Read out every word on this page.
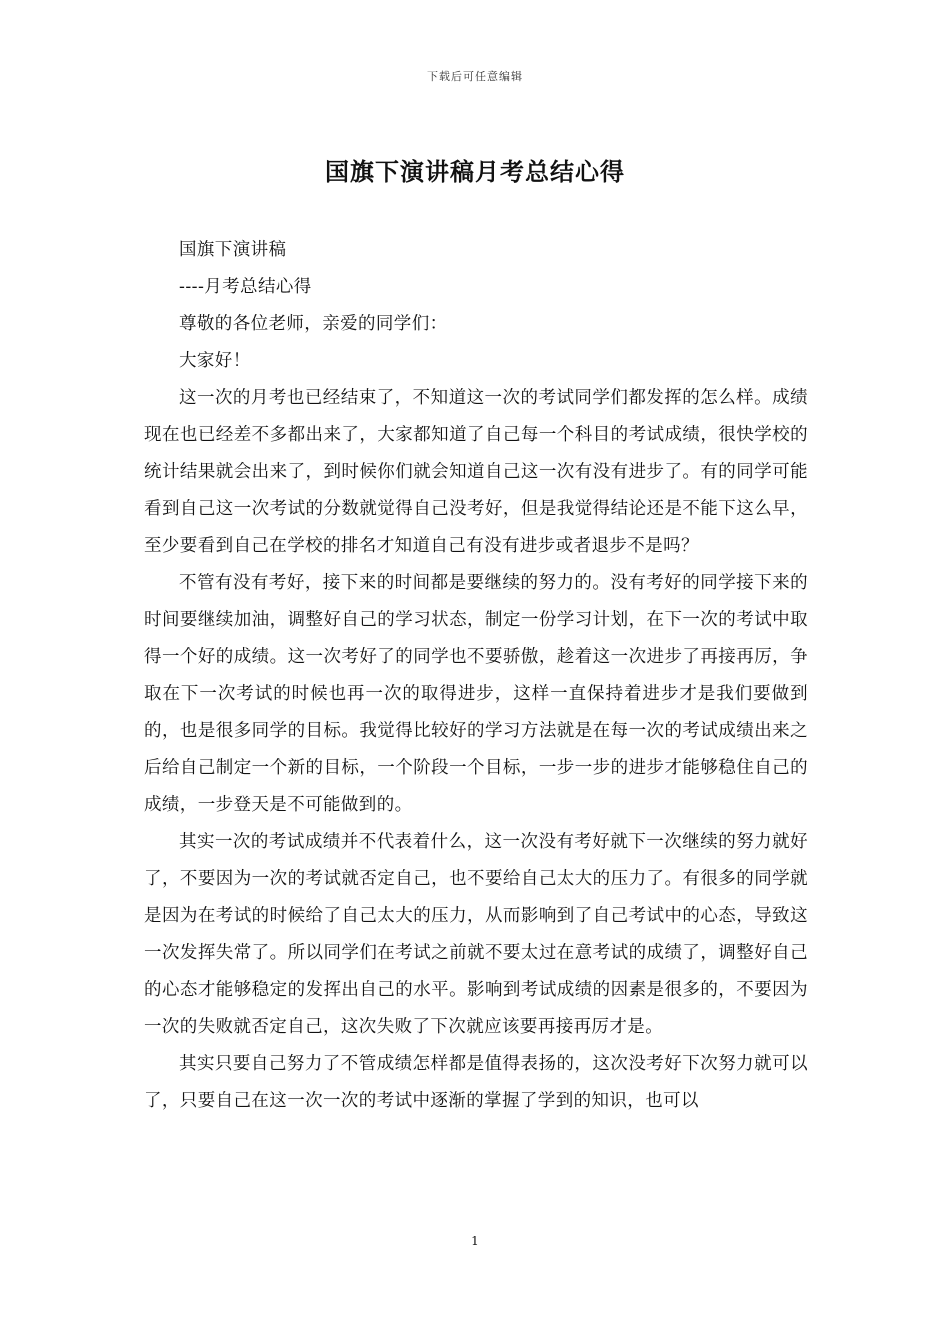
下载后可任意编辑
国旗下演讲稿月考总结心得

国旗下演讲稿

----月考总结心得

尊敬的各位老师，亲爱的同学们：

大家好！

这一次的月考也已经结束了，不知道这一次的考试同学们都发挥的怎么样。成绩现在也已经差不多都出来了，大家都知道了自己每一个科目的考试成绩，很快学校的统计结果就会出来了，到时候你们就会知道自己这一次有没有进步了。有的同学可能看到自己这一次考试的分数就觉得自己没考好，但是我觉得结论还是不能下这么早，至少要看到自己在学校的排名才知道自己有没有进步或者退步不是吗？

不管有没有考好，接下来的时间都是要继续的努力的。没有考好的同学接下来的时间要继续加油，调整好自己的学习状态，制定一份学习计划，在下一次的考试中取得一个好的成绩。这一次考好了的同学也不要骄傲，趁着这一次进步了再接再厉，争取在下一次考试的时候也再一次的取得进步，这样一直保持着进步才是我们要做到的，也是很多同学的目标。我觉得比较好的学习方法就是在每一次的考试成绩出来之后给自己制定一个新的目标，一个阶段一个目标，一步一步的进步才能够稳住自己的成绩，一步登天是不可能做到的。

其实一次的考试成绩并不代表着什么，这一次没有考好就下一次继续的努力就好了，不要因为一次的考试就否定自己，也不要给自己太大的压力了。有很多的同学就是因为在考试的时候给了自己太大的压力，从而影响到了自己考试中的心态，导致这一次发挥失常了。所以同学们在考试之前就不要太过在意考试的成绩了，调整好自己的心态才能够稳定的发挥出自己的水平。影响到考试成绩的因素是很多的，不要因为一次的失败就否定自己，这次失败了下次就应该要再接再厉才是。

其实只要自己努力了不管成绩怎样都是值得表扬的，这次没考好下次努力就可以了，只要自己在这一次一次的考试中逐渐的掌握了学到的知识，也可以

1
